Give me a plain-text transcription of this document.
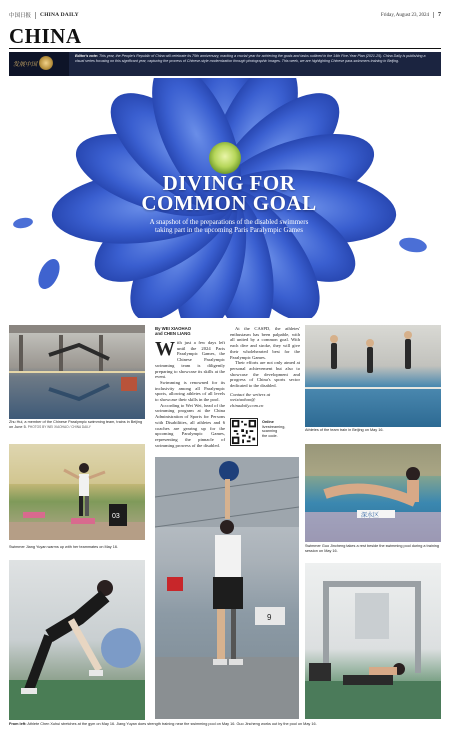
中国日报 CHINA DAILY	Friday, August 23, 2024	7
CHINA
发展中国
Editor's note: This year, the People's Republic of China will celebrate its 75th anniversary, marking a crucial year for achieving the goals and tasks outlined in the 14th Five-Year Plan (2021-25). China Daily is publishing a visual series focusing on this significant year, capturing the process of Chinese-style modernization through photographic images. This week, we are highlighting Chinese para-swimmers training in Beijing.
DIVING FOR
COMMON GOAL
A snapshot of the preparations of the disabled swimmers taking part in the upcoming Paris Paralympic Games
Zhu Hui, a member of the Chinese Paralympic swimming team, trains in Beijing on June 5. PHOTOS BY WEI XIAOHAO / CHINA DAILY
Athletes of the team train in Beijing on May 16.
By WEI XIAOHAO
and CHEN LIANG

With just a few days left until the 2024 Paris Paralympic Games, the Chinese Paralympic swimming team is diligently preparing to showcase its skills at the event.

Swimming is renowned for its inclusivity among all Paralympic sports, allowing athletes of all levels to showcase their skills in the pool.

According to Wei Wei, head of the swimming program at the China Administration of Sports for Persons with Disabilities, all athletes and 6 coaches are gearing up for the upcoming Paralympic Games, representing the pinnacle of swimming prowess of the disabled.

At the CASPD, the athletes' enthusiasm has been palpable, with all united by a common goal. With each dive and stroke, they will give their wholehearted best for the Paralympic Games.

Their efforts are not only aimed at personal achievement but also to showcase the development and progress of China's sports sector dedicated to the disabled.

Contact the writers at
weixiaohao@
chinadaily.com.cn
Online
livestreaming,
scanning
the code.
03
Swimmer Jiang Yuyan warms up with her teammates on May 16.
9
深水区
Swimmer Guo Jincheng takes a rest beside the swimming pool during a training session on May 16.
From left: Athlete Chen Xuhui stretches at the gym on May 16. Jiang Yuyan does strength training near the swimming pool on May 16. Guo Jincheng works out by the pool on May 16.
